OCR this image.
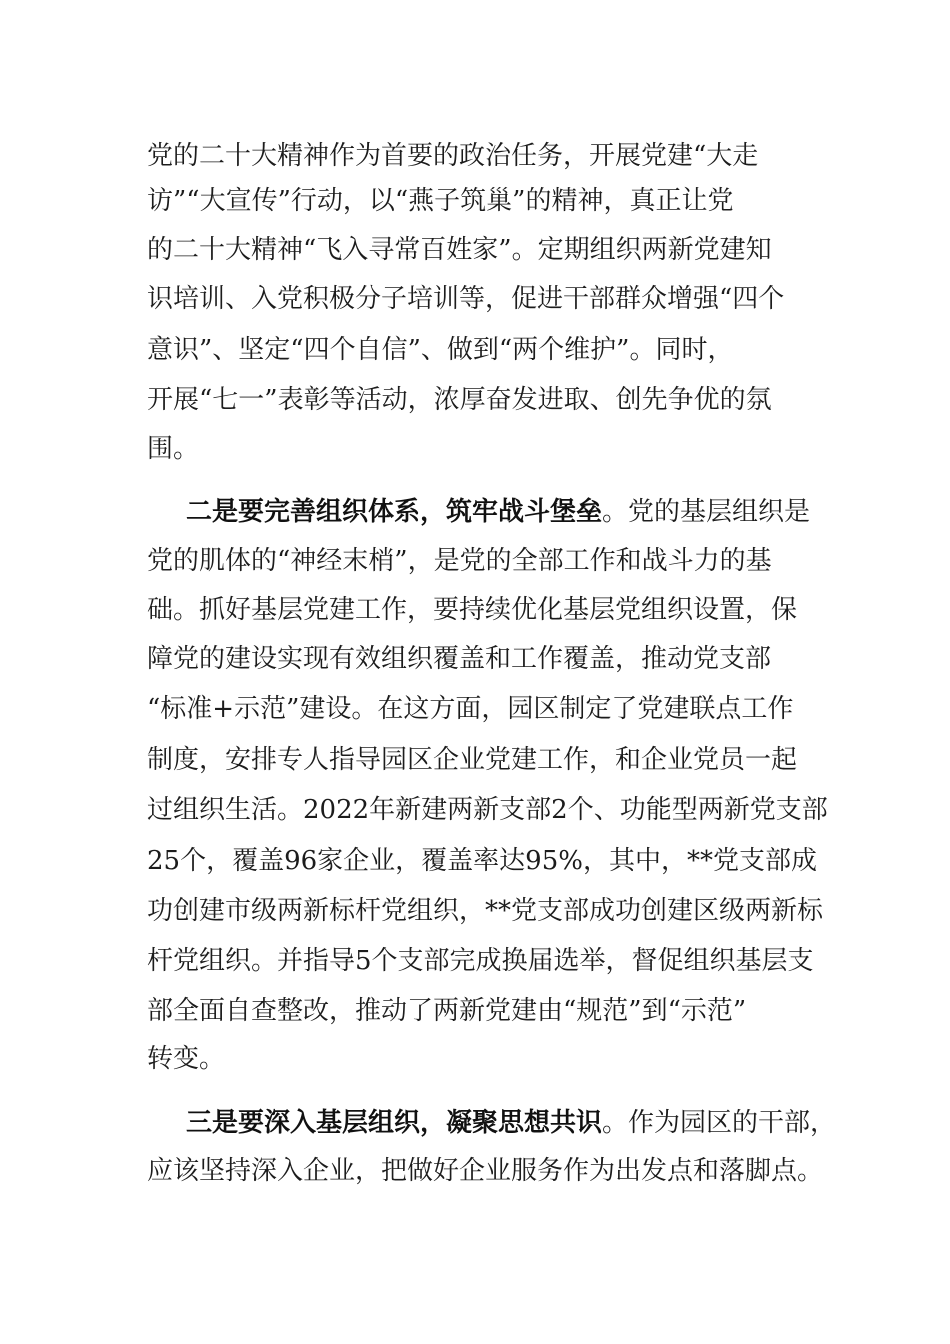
党的二十大精神作为首要的政治任务，开展党建“大走
访”“大宣传”行动，以“燕子筑巢”的精神，真正让党
的二十大精神“飞入寻常百姓家”。定期组织两新党建知
识培训、入党积极分子培训等，促进干部群众增强“四个
意识”、坚定“四个自信”、做到“两个维护”。同时，
开展“七一”表彰等活动，浓厚奋发进取、创先争优的氛
围。
二是要完善组织体系，筑牢战斗堡垒。党的基层组织是
党的肌体的“神经末梢”，是党的全部工作和战斗力的基
础。抓好基层党建工作，要持续优化基层党组织设置，保
障党的建设实现有效组织覆盖和工作覆盖，推动党支部
“标准+示范”建设。在这方面，园区制定了党建联点工作
制度，安排专人指导园区企业党建工作，和企业党员一起
过组织生活。2022年新建两新支部2个、功能型两新党支部
25个，覆盖96家企业，覆盖率达95%，其中，**党支部成
功创建市级两新标杆党组织，**党支部成功创建区级两新标
杆党组织。并指导5个支部完成换届选举，督促组织基层支
部全面自查整改，推动了两新党建由“规范”到“示范”
转变。
三是要深入基层组织，凝聚思想共识。作为园区的干部，
应该坚持深入企业，把做好企业服务作为出发点和落脚点。
